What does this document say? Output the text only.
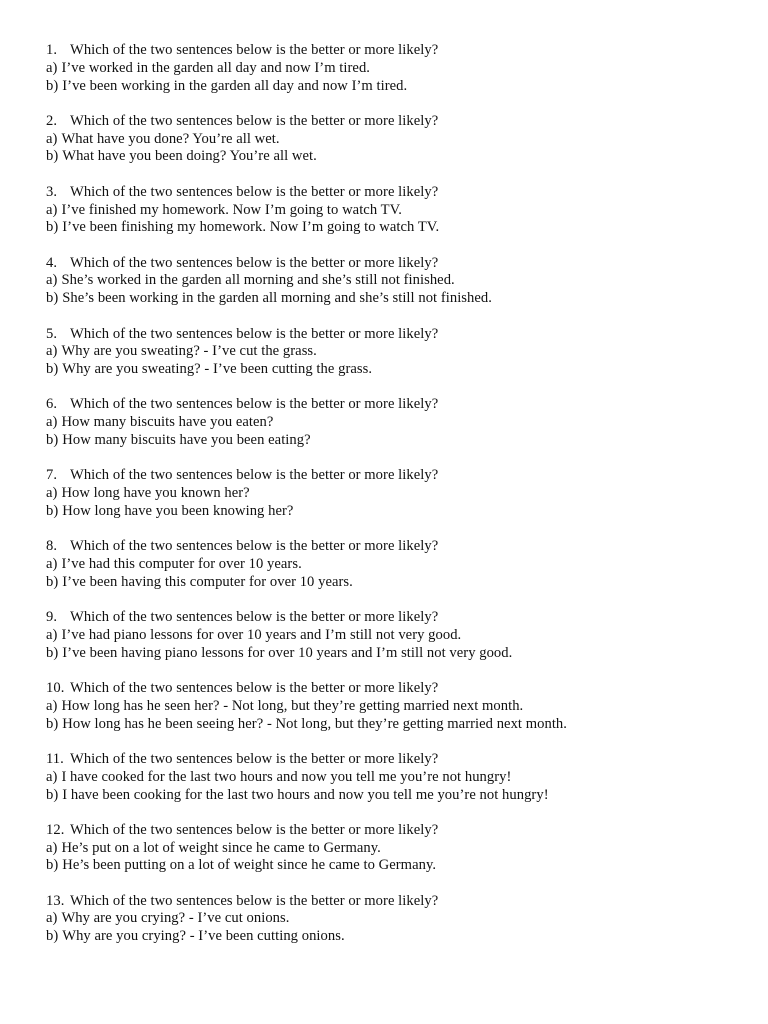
1. Which of the two sentences below is the better or more likely?
a) I’ve worked in the garden all day and now I’m tired.
b) I’ve been working in the garden all day and now I’m tired.
2. Which of the two sentences below is the better or more likely?
a) What have you done? You’re all wet.
b) What have you been doing? You’re all wet.
3. Which of the two sentences below is the better or more likely?
a) I’ve finished my homework. Now I’m going to watch TV.
b) I’ve been finishing my homework. Now I’m going to watch TV.
4. Which of the two sentences below is the better or more likely?
a) She’s worked in the garden all morning and she’s still not finished.
b) She’s been working in the garden all morning and she’s still not finished.
5. Which of the two sentences below is the better or more likely?
a) Why are you sweating? - I’ve cut the grass.
b) Why are you sweating? - I’ve been cutting the grass.
6. Which of the two sentences below is the better or more likely?
a) How many biscuits have you eaten?
b) How many biscuits have you been eating?
7. Which of the two sentences below is the better or more likely?
a) How long have you known her?
b) How long have you been knowing her?
8. Which of the two sentences below is the better or more likely?
a) I’ve had this computer for over 10 years.
b) I’ve been having this computer for over 10 years.
9. Which of the two sentences below is the better or more likely?
a) I’ve had piano lessons for over 10 years and I’m still not very good.
b) I’ve been having piano lessons for over 10 years and I’m still not very good.
10. Which of the two sentences below is the better or more likely?
a) How long has he seen her? - Not long, but they’re getting married next month.
b) How long has he been seeing her? - Not long, but they’re getting married next month.
11. Which of the two sentences below is the better or more likely?
a) I have cooked for the last two hours and now you tell me you’re not hungry!
b) I have been cooking for the last two hours and now you tell me you’re not hungry!
12. Which of the two sentences below is the better or more likely?
a) He’s put on a lot of weight since he came to Germany.
b) He’s been putting on a lot of weight since he came to Germany.
13. Which of the two sentences below is the better or more likely?
a) Why are you crying? - I’ve cut onions.
b) Why are you crying? - I’ve been cutting onions.
